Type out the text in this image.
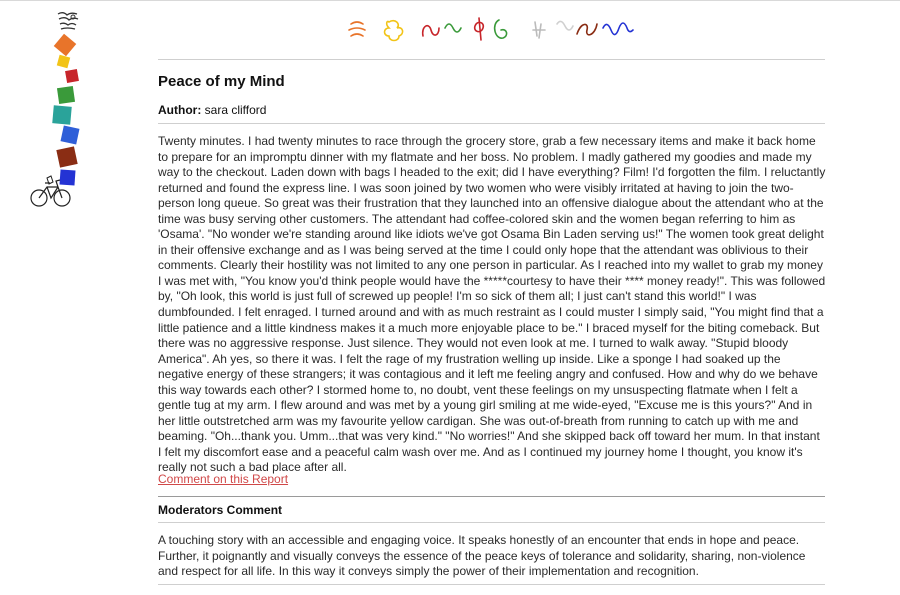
Peace of my Mind
Author: sara clifford

Twenty minutes. I had twenty minutes to race through the grocery store, grab a few necessary items and make it back home to prepare for an impromptu dinner with my flatmate and her boss. No problem. I madly gathered my goodies and made my way to the checkout. Laden down with bags I headed to the exit; did I have everything? Film! I'd forgotten the film. I reluctantly returned and found the express line. I was soon joined by two women who were visibly irritated at having to join the two-person long queue. So great was their frustration that they launched into an offensive dialogue about the attendant who at the time was busy serving other customers. The attendant had coffee-colored skin and the women began referring to him as 'Osama'. "No wonder we're standing around like idiots we've got Osama Bin Laden serving us!" The women took great delight in their offensive exchange and as I was being served at the time I could only hope that the attendant was oblivious to their comments. Clearly their hostility was not limited to any one person in particular. As I reached into my wallet to grab my money I was met with, "You know you'd think people would have the *****courtesy to have their **** money ready!". This was followed by, "Oh look, this world is just full of screwed up people! I'm so sick of them all; I just can't stand this world!" I was dumbfounded. I felt enraged. I turned around and with as much restraint as I could muster I simply said, "You might find that a little patience and a little kindness makes it a much more enjoyable place to be." I braced myself for the biting comeback. But there was no aggressive response. Just silence. They would not even look at me. I turned to walk away. "Stupid bloody America". Ah yes, so there it was. I felt the rage of my frustration welling up inside. Like a sponge I had soaked up the negative energy of these strangers; it was contagious and it left me feeling angry and confused. How and why do we behave this way towards each other? I stormed home to, no doubt, vent these feelings on my unsuspecting flatmate when I felt a gentle tug at my arm. I flew around and was met by a young girl smiling at me wide-eyed, "Excuse me is this yours?" And in her little outstretched arm was my favourite yellow cardigan. She was out-of-breath from running to catch up with me and beaming. "Oh...thank you. Umm...that was very kind." "No worries!" And she skipped back off toward her mum. In that instant I felt my discomfort ease and a peaceful calm wash over me. And as I continued my journey home I thought, you know it's really not such a bad place after all.

Comment on this Report
Moderators Comment

A touching story with an accessible and engaging voice. It speaks honestly of an encounter that ends in hope and peace. Further, it poignantly and visually conveys the essence of the peace keys of tolerance and solidarity, sharing, non-violence and respect for all life. In this way it conveys simply the power of their implementation and recognition.
